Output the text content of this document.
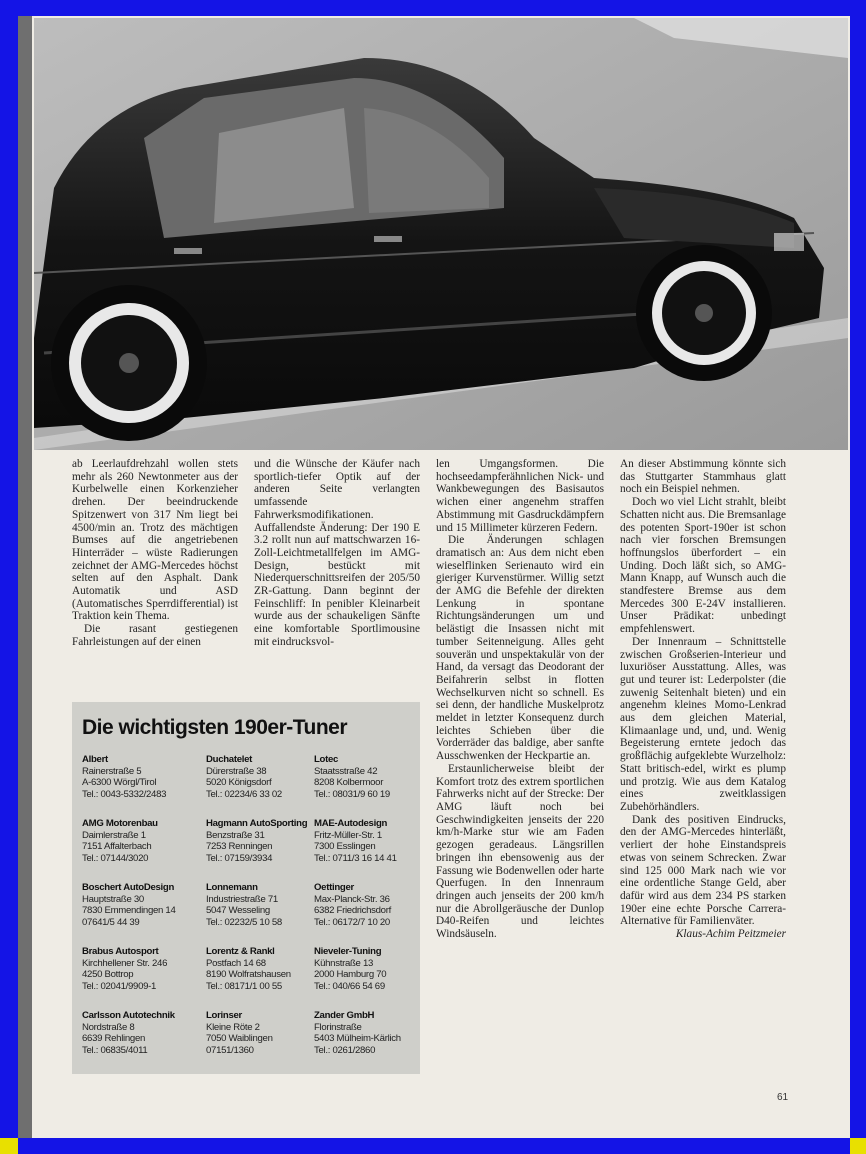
ab Leerlaufdrehzahl wollen stets mehr als 260 Newtonmeter aus der Kurbelwelle einen Korkenzieher drehen. Der beeindruckende Spitzenwert von 317 Nm liegt bei 4500/min an. Trotz des mächtigen Bumses auf die angetriebenen Hinterräder – wüste Radierungen zeichnet der AMG-Mercedes höchst selten auf den Asphalt. Dank Automatik und ASD (Automatisches Sperrdifferential) ist Traktion kein Thema.

Die rasant gestiegenen Fahrleistungen auf der einen

und die Wünsche der Käufer nach sportlich-tiefer Optik auf der anderen Seite verlangten umfassende Fahrwerksmodifikationen. Auffallendste Änderung: Der 190 E 3.2 rollt nun auf mattschwarzen 16-Zoll-Leichtmetallfelgen im AMG-Design, bestückt mit Niederquerschnittsreifen der 205/50 ZR-Gattung. Dann beginnt der Feinschliff: In penibler Kleinarbeit wurde aus der schaukeligen Sänfte eine komfortable Sportlimousine mit eindrucksvol-

len Umgangsformen. Die hochseedampferähnlichen Nick- und Wankbewegungen des Basisautos wichen einer angenehm straffen Abstimmung mit Gasdruckdämpfern und 15 Millimeter kürzeren Federn.

Die Änderungen schlagen dramatisch an: Aus dem nicht eben wieselflinken Serienauto wird ein gieriger Kurvenstürmer. Willig setzt der AMG die Befehle der direkten Lenkung in spontane Richtungsänderungen um und belästigt die Insassen nicht mit tumber Seitenneigung. Alles geht souverän und unspektakulär von der Hand, da versagt das Deodorant der Beifahrerin selbst in flotten Wechselkurven nicht so schnell. Es sei denn, der handliche Muskelprotz meldet in letzter Konsequenz durch leichtes Schieben über die Vorderräder das baldige, aber sanfte Ausschwenken der Heckpartie an.

Erstaunlicherweise bleibt der Komfort trotz des extrem sportlichen Fahrwerks nicht auf der Strecke: Der AMG läuft noch bei Geschwindigkeiten jenseits der 220 km/h-Marke stur wie am Faden gezogen geradeaus. Längsrillen bringen ihn ebensowenig aus der Fassung wie Bodenwellen oder harte Querfugen. In den Innenraum dringen auch jenseits der 200 km/h nur die Abrollgeräusche der Dunlop D40-Reifen und leichtes Windsäuseln.

An dieser Abstimmung könnte sich das Stuttgarter Stammhaus glatt noch ein Beispiel nehmen.

Doch wo viel Licht strahlt, bleibt Schatten nicht aus. Die Bremsanlage des potenten Sport-190er ist schon nach vier forschen Bremsungen hoffnungslos überfordert – ein Unding. Doch läßt sich, so AMG-Mann Knapp, auf Wunsch auch die standfestere Bremse aus dem Mercedes 300 E-24V installieren. Unser Prädikat: unbedingt empfehlenswert.

Der Innenraum – Schnittstelle zwischen Großserien-Interieur und luxuriöser Ausstattung. Alles, was gut und teurer ist: Lederpolster (die zuwenig Seitenhalt bieten) und ein angenehm kleines Momo-Lenkrad aus dem gleichen Material, Klimaanlage und, und, und. Wenig Begeisterung erntete jedoch das großflächig aufgeklebte Wurzelholz: Statt britisch-edel, wirkt es plump und protzig. Wie aus dem Katalog eines zweitklassigen Zubehörhändlers.

Dank des positiven Eindrucks, den der AMG-Mercedes hinterläßt, verliert der hohe Einstandspreis etwas von seinem Schrecken. Zwar sind 125 000 Mark nach wie vor eine ordentliche Stange Geld, aber dafür wird aus dem 234 PS starken 190er eine echte Porsche Carrera-Alternative für Familienväter.

Klaus-Achim Peitzmeier

Die wichtigsten 190er-Tuner
Albert
Rainerstraße 5
A-6300 Wörgl/Tirol
Tel.: 0043-5332/2483
Duchatelet
Dürerstraße 38
5020 Königsdorf
Tel.: 02234/6 33 02
Lotec
Staatsstraße 42
8208 Kolbermoor
Tel.: 08031/9 60 19
AMG Motorenbau
Daimlerstraße 1
7151 Affalterbach
Tel.: 07144/3020
Hagmann AutoSporting
Benzstraße 31
7253 Renningen
Tel.: 07159/3934
MAE-Autodesign
Fritz-Müller-Str. 1
7300 Esslingen
Tel.: 0711/3 16 14 41
Boschert AutoDesign
Hauptstraße 30
7830 Emmendingen 14
07641/5 44 39
Lonnemann
Industriestraße 71
5047 Wesseling
Tel.: 02232/5 10 58
Oettinger
Max-Planck-Str. 36
6382 Friedrichsdorf
Tel.: 06172/7 10 20
Brabus Autosport
Kirchhellener Str. 246
4250 Bottrop
Tel.: 02041/9909-1
Lorentz & Rankl
Postfach 14 68
8190 Wolfratshausen
Tel.: 08171/1 00 55
Nieveler-Tuning
Kühnstraße 13
2000 Hamburg 70
Tel.: 040/66 54 69
Carlsson Autotechnik
Nordstraße 8
6639 Rehlingen
Tel.: 06835/4011
Lorinser
Kleine Röte 2
7050 Waiblingen
07151/1360
Zander GmbH
Florinstraße
5403 Mülheim-Kärlich
Tel.: 0261/2860
61
